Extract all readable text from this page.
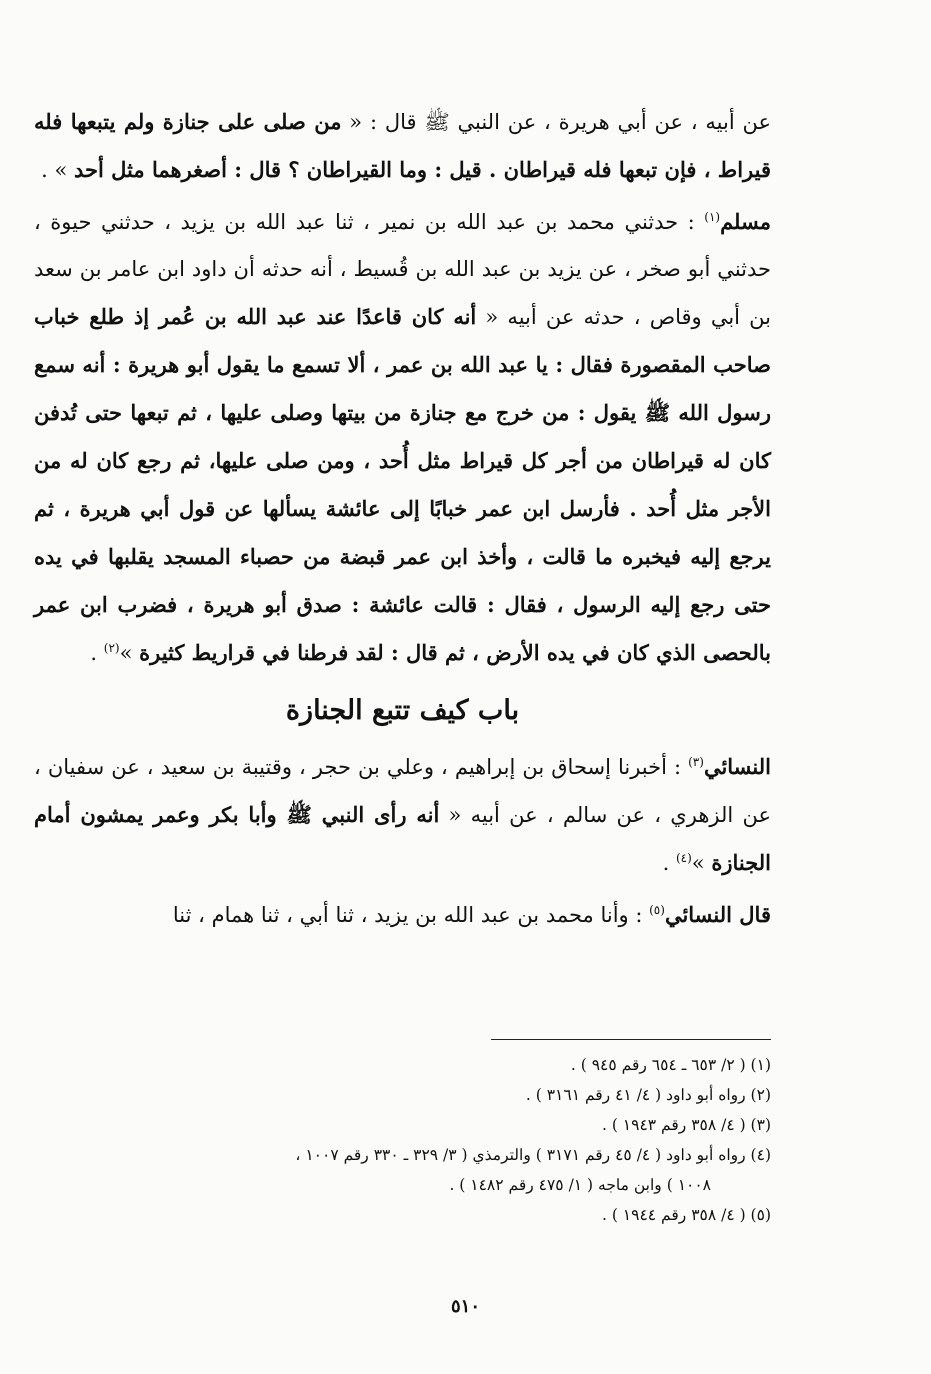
عن أبيه ، عن أبي هريرة ، عن النبي ﷺ قال : « من صلى على جنازة ولم يتبعها فله قيراط ، فإن تبعها فله قيراطان . قيل : وما القيراطان ؟ قال : أصغرهما مثل أحد » .

مسلم$^{(١)}$ : حدثني محمد بن عبد الله بن نمير ، ثنا عبد الله بن يزيد ، حدثني حيوة ، حدثني أبو صخر ، عن يزيد بن عبد الله بن قُسيط ، أنه حدثه أن داود ابن عامر بن سعد بن أبي وقاص ، حدثه عن أبيه « أنه كان قاعدًا عند عبد الله بن عُمر إذ طلع خباب صاحب المقصورة فقال : يا عبد الله بن عمر ، ألا تسمع ما يقول أبو هريرة : أنه سمع رسول الله ﷺ يقول : من خرج مع جنازة من بيتها وصلى عليها ، ثم تبعها حتى تُدفن كان له قيراطان من أجر كل قيراط مثل أُحد ، ومن صلى عليها، ثم رجع كان له من الأجر مثل أُحد . فأرسل ابن عمر خبابًا إلى عائشة يسألها عن قول أبي هريرة ، ثم يرجع إليه فيخبره ما قالت ، وأخذ ابن عمر قبضة من حصباء المسجد يقلبها في يده حتى رجع إليه الرسول ، فقال : قالت عائشة : صدق أبو هريرة ، فضرب ابن عمر بالحصى الذي كان في يده الأرض ، ثم قال : لقد فرطنا في قراريط كثيرة »$^{(٢)}$ .

باب كيف تتبع الجنازة

النسائي$^{(٣)}$ : أخبرنا إسحاق بن إبراهيم ، وعلي بن حجر ، وقتيبة بن سعيد ، عن سفيان ، عن الزهري ، عن سالم ، عن أبيه « أنه رأى النبي ﷺ وأبا بكر وعمر يمشون أمام الجنازة »$^{(٤)}$ .

قال النسائي$^{(٥)}$ : وأنا محمد بن عبد الله بن يزيد ، ثنا أبي ، ثنا همام ، ثنا

(١) ( ٢/ ٦٥٣ ـ ٦٥٤ رقم ٩٤٥ ) .

(٢) رواه أبو داود ( ٤/ ٤١ رقم ٣١٦١ ) .

(٣) ( ٤/ ٣٥٨ رقم ١٩٤٣ ) .

(٤) رواه أبو داود ( ٤/ ٤٥ رقم ٣١٧١ ) والترمذي ( ٣/ ٣٢٩ ـ ٣٣٠ رقم ١٠٠٧ ،

١٠٠٨ ) وابن ماجه ( ١/ ٤٧٥ رقم ١٤٨٢ ) .

(٥) ( ٤/ ٣٥٨ رقم ١٩٤٤ ) .

٥١٠
